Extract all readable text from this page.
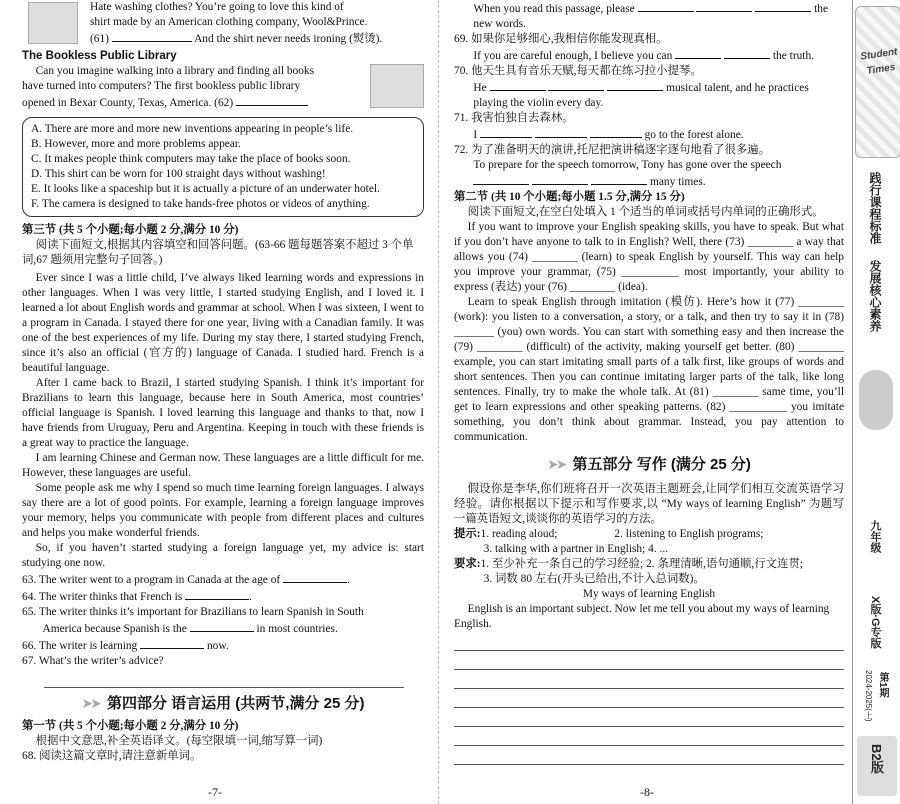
Hate washing clothes? You’re going to love this kind of

shirt made by an American clothing company, Wool&Prince.

(61)	And the shirt never needs ironing (熨烫).

The Bookless Public Library

Can you imagine walking into a library and finding all books

have turned into computers? The first bookless public library

opened in Bexar County, Texas, America. (62)

A. There are more and more new inventions appearing in people’s life.

B. However, more and more problems appear.

C. It makes people think computers may take the place of books soon.

D. This shirt can be worn for 100 straight days without washing!

E. It looks like a spaceship but it is actually a picture of an underwater hotel.

F. The camera is designed to take hands-free photos or videos of anything.

第三节 (共 5 个小题;每小题 2 分,满分 10 分)

阅读下面短文,根据其内容填空和回答问题。(63-66 题每题答案不超过 3 个单词,67 题须用完整句子回答。)

Ever since I was a little child, I’ve always liked learning words and expressions in other languages. When I was very little, I started studying English, and I loved it. I learned a lot about English words and grammar at school. When I was sixteen, I went to a program in Canada. I stayed there for one year, living with a Canadian family. It was one of the best experiences of my life. During my stay there, I started studying French, since it’s also an official (官方的) language of Canada. I studied hard. French is a beautiful language.

After I came back to Brazil, I started studying Spanish. I think it’s important for Brazilians to learn this language, because here in South America, most countries’ official language is Spanish. I loved learning this language and thanks to that, now I have friends from Uruguay, Peru and Argentina. Keeping in touch with these friends is a great way to practice the language.

I am learning Chinese and German now. These languages are a little difficult for me. However, these languages are useful.

Some people ask me why I spend so much time learning foreign languages. I always say there are a lot of good points. For example, learning a foreign language improves your memory, helps you communicate with people from different places and cultures and helps you make wonderful friends.

So, if you haven’t started studying a foreign language yet, my advice is: start studying one now.

63. The writer went to a program in Canada at the age of	.

64. The writer thinks that French is	.

65. The writer thinks it’s important for Brazilians to learn Spanish in South

America because Spanish is the	in most countries.

66. The writer is learning	now.

67. What’s the writer’s advice?

➤➤ 第四部分 语言运用 (共两节,满分 25 分)

第一节 (共 5 个小题;每小题 2 分,满分 10 分)

根据中文意思,补全英语译文。(每空限填一词,缩写算一词)

68. 阅读这篇文章时,请注意新单词。

-7-

When you read this passage, please	the

new words.

69. 如果你足够细心,我相信你能发现真相。

If you are careful enough, I believe you can	the truth.

70. 他天生具有音乐天赋,每天都在练习拉小提琴。

He	musical talent, and he practices

playing the violin every day.

71. 我害怕独自去森林。

I	go to the forest alone.

72. 为了准备明天的演讲,托尼把演讲稿逐字逐句地看了很多遍。

To prepare for the speech tomorrow, Tony has gone over the speech

many times.

第二节 (共 10 个小题;每小题 1.5 分,满分 15 分)

阅读下面短文,在空白处填入 1 个适当的单词或括号内单词的正确形式。

If you want to improve your English speaking skills, you have to speak. But what if you don’t have anyone to talk to in English? Well, there (73) ________ a way that allows you (74) ________ (learn) to speak English by yourself. This way can help you improve your grammar, (75) __________ most importantly, your ability to express (表达) your (76) ________ (idea).

Learn to speak English through imitation (模仿). Here’s how it (77) ________ (work): you listen to a conversation, a story, or a talk, and then try to say it in (78) _______ (you) own words. You can start with something easy and then increase the (79) ________ (difficult) of the activity, making yourself get better. (80) ________ example, you can start imitating small parts of a talk first, like groups of words and short sentences. Then you can continue imitating larger parts of the talk, like long sentences. Finally, try to make the whole talk. At (81) ________ same time, you’ll get to learn expressions and other speaking patterns. (82) __________ you imitate something, you don’t think about grammar. Instead, you pay attention to communication.

➤➤ 第五部分 写作 (满分 25 分)

假设你是李华,你们班将召开一次英语主题班会,让同学们相互交流英语学习经验。请你根据以下提示和写作要求,以 “My ways of learning English” 为题写一篇英语短文,谈谈你的英语学习的方法。

提示:1. reading aloud;                    2. listening to English programs;

3. talking with a partner in English; 4. ...

要求:1. 至少补充一条自己的学习经验; 2. 条理清晰,语句通顺,行文连贯;

3. 词数 80 左右(开头已给出,不计入总词数)。

My ways of learning English

English is an important subject. Now let me tell you about my ways of learning English.

-8-
Student Times
践行课程标准
发展核心素养
九年级
X版·G专版
第1期
2024-2025(上)
B2版
